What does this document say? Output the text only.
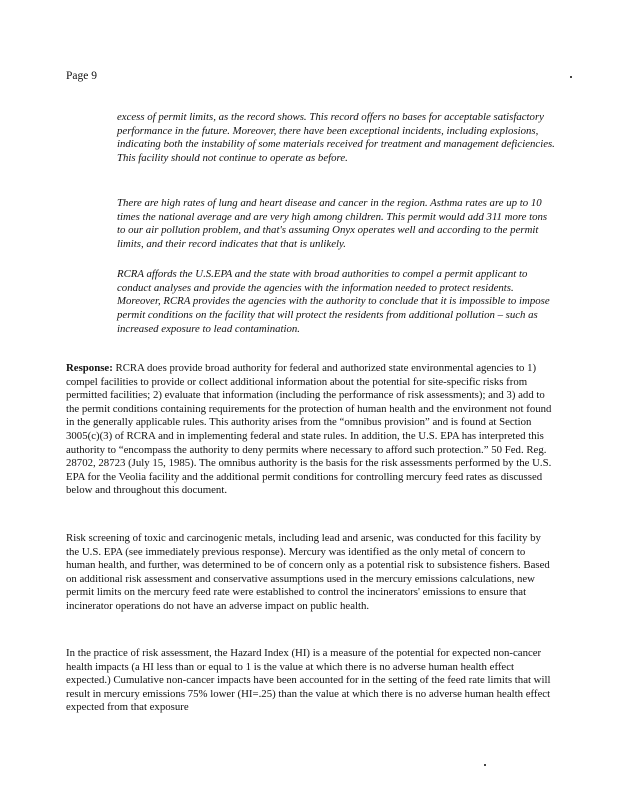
Page 9

excess of permit limits, as the record shows. This record offers no bases for acceptable satisfactory performance in the future. Moreover, there have been exceptional incidents, including explosions, indicating both the instability of some materials received for treatment and management deficiencies. This facility should not continue to operate as before.

There are high rates of lung and heart disease and cancer in the region. Asthma rates are up to 10 times the national average and are very high among children. This permit would add 311 more tons to our air pollution problem, and that's assuming Onyx operates well and according to the permit limits, and their record indicates that that is unlikely.

RCRA affords the U.S.EPA and the state with broad authorities to compel a permit applicant to conduct analyses and provide the agencies with the information needed to protect residents. Moreover, RCRA provides the agencies with the authority to conclude that it is impossible to impose permit conditions on the facility that will protect the residents from additional pollution – such as increased exposure to lead contamination.

Response: RCRA does provide broad authority for federal and authorized state environmental agencies to 1) compel facilities to provide or collect additional information about the potential for site-specific risks from permitted facilities; 2) evaluate that information (including the performance of risk assessments); and 3) add to the permit conditions containing requirements for the protection of human health and the environment not found in the generally applicable rules. This authority arises from the “omnibus provision” and is found at Section 3005(c)(3) of RCRA and in implementing federal and state rules. In addition, the U.S. EPA has interpreted this authority to “encompass the authority to deny permits where necessary to afford such protection.” 50 Fed. Reg. 28702, 28723 (July 15, 1985). The omnibus authority is the basis for the risk assessments performed by the U.S. EPA for the Veolia facility and the additional permit conditions for controlling mercury feed rates as discussed below and throughout this document.

Risk screening of toxic and carcinogenic metals, including lead and arsenic, was conducted for this facility by the U.S. EPA (see immediately previous response). Mercury was identified as the only metal of concern to human health, and further, was determined to be of concern only as a potential risk to subsistence fishers. Based on additional risk assessment and conservative assumptions used in the mercury emissions calculations, new permit limits on the mercury feed rate were established to control the incinerators' emissions to ensure that incinerator operations do not have an adverse impact on public health.

In the practice of risk assessment, the Hazard Index (HI) is a measure of the potential for expected non-cancer health impacts (a HI less than or equal to 1 is the value at which there is no adverse human health effect expected.) Cumulative non-cancer impacts have been accounted for in the setting of the feed rate limits that will result in mercury emissions 75% lower (HI=.25) than the value at which there is no adverse human health effect expected from that exposure
